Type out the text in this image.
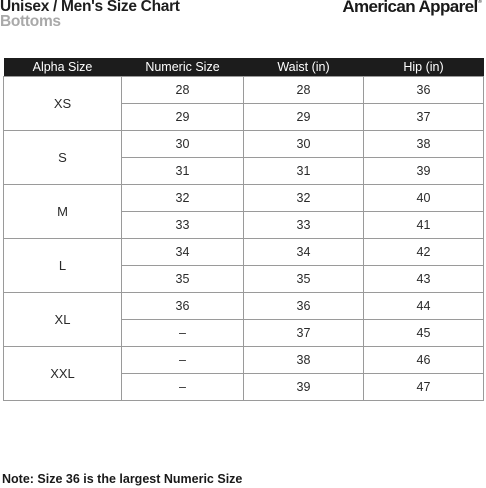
Unisex / Men's Size Chart
Bottoms
American Apparel®
Alpha Size	Numeric Size	Waist (in)	Hip (in)
XS	28	28	36
	29	29	37
S	30	30	38
	31	31	39
M	32	32	40
	33	33	41
L	34	34	42
	35	35	43
XL	36	36	44
	–	37	45
XXL	–	38	46
	–	39	47
Note: Size 36 is the largest Numeric Size
